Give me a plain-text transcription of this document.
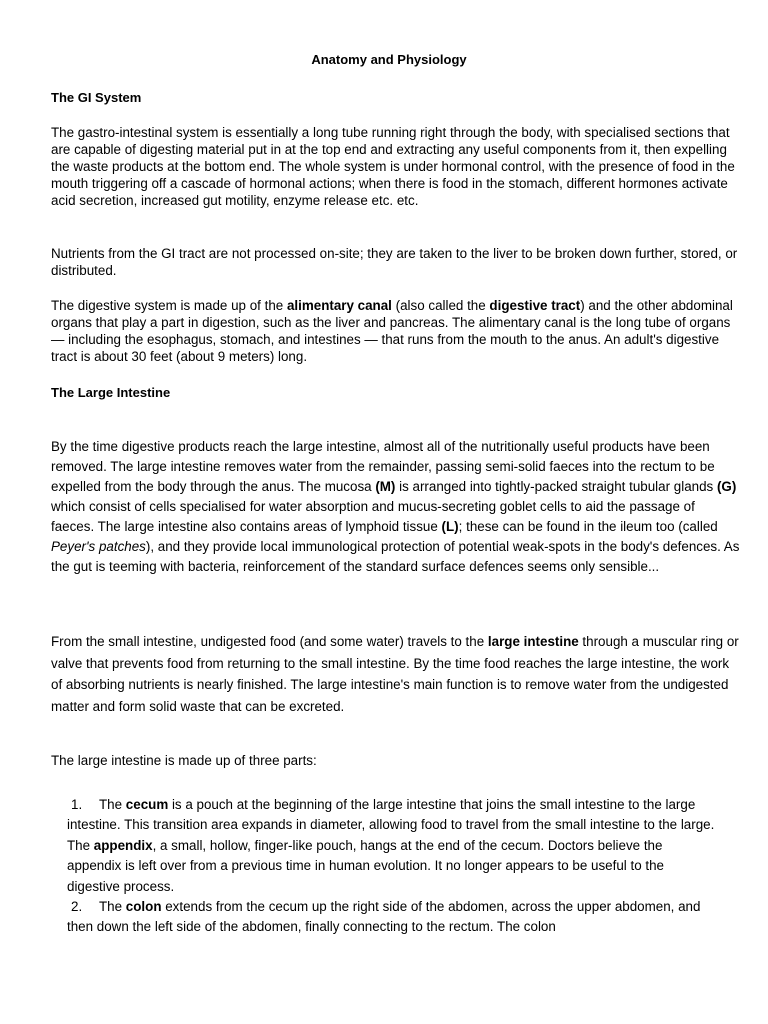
Anatomy and Physiology
The GI System

The gastro-intestinal system is essentially a long tube running right through the body, with specialised sections that are capable of digesting material put in at the top end and extracting any useful components from it, then expelling the waste products at the bottom end. The whole system is under hormonal control, with the presence of food in the mouth triggering off a cascade of hormonal actions; when there is food in the stomach, different hormones activate acid secretion, increased gut motility, enzyme release etc. etc.

Nutrients from the GI tract are not processed on-site; they are taken to the liver to be broken down further, stored, or distributed.

The digestive system is made up of the alimentary canal (also called the digestive tract) and the other abdominal organs that play a part in digestion, such as the liver and pancreas. The alimentary canal is the long tube of organs — including the esophagus, stomach, and intestines — that runs from the mouth to the anus. An adult's digestive tract is about 30 feet (about 9 meters) long.

The Large Intestine

By the time digestive products reach the large intestine, almost all of the nutritionally useful products have been removed. The large intestine removes water from the remainder, passing semi-solid faeces into the rectum to be expelled from the body through the anus. The mucosa (M) is arranged into tightly-packed straight tubular glands (G) which consist of cells specialised for water absorption and mucus-secreting goblet cells to aid the passage of faeces. The large intestine also contains areas of lymphoid tissue (L); these can be found in the ileum too (called Peyer's patches), and they provide local immunological protection of potential weak-spots in the body's defences. As the gut is teeming with bacteria, reinforcement of the standard surface defences seems only sensible...

From the small intestine, undigested food (and some water) travels to the large intestine through a muscular ring or valve that prevents food from returning to the small intestine. By the time food reaches the large intestine, the work of absorbing nutrients is nearly finished. The large intestine's main function is to remove water from the undigested matter and form solid waste that can be excreted.

The large intestine is made up of three parts:

1. The cecum is a pouch at the beginning of the large intestine that joins the small intestine to the large intestine. This transition area expands in diameter, allowing food to travel from the small intestine to the large. The appendix, a small, hollow, finger-like pouch, hangs at the end of the cecum. Doctors believe the appendix is left over from a previous time in human evolution. It no longer appears to be useful to the digestive process.
2. The colon extends from the cecum up the right side of the abdomen, across the upper abdomen, and then down the left side of the abdomen, finally connecting to the rectum. The colon
